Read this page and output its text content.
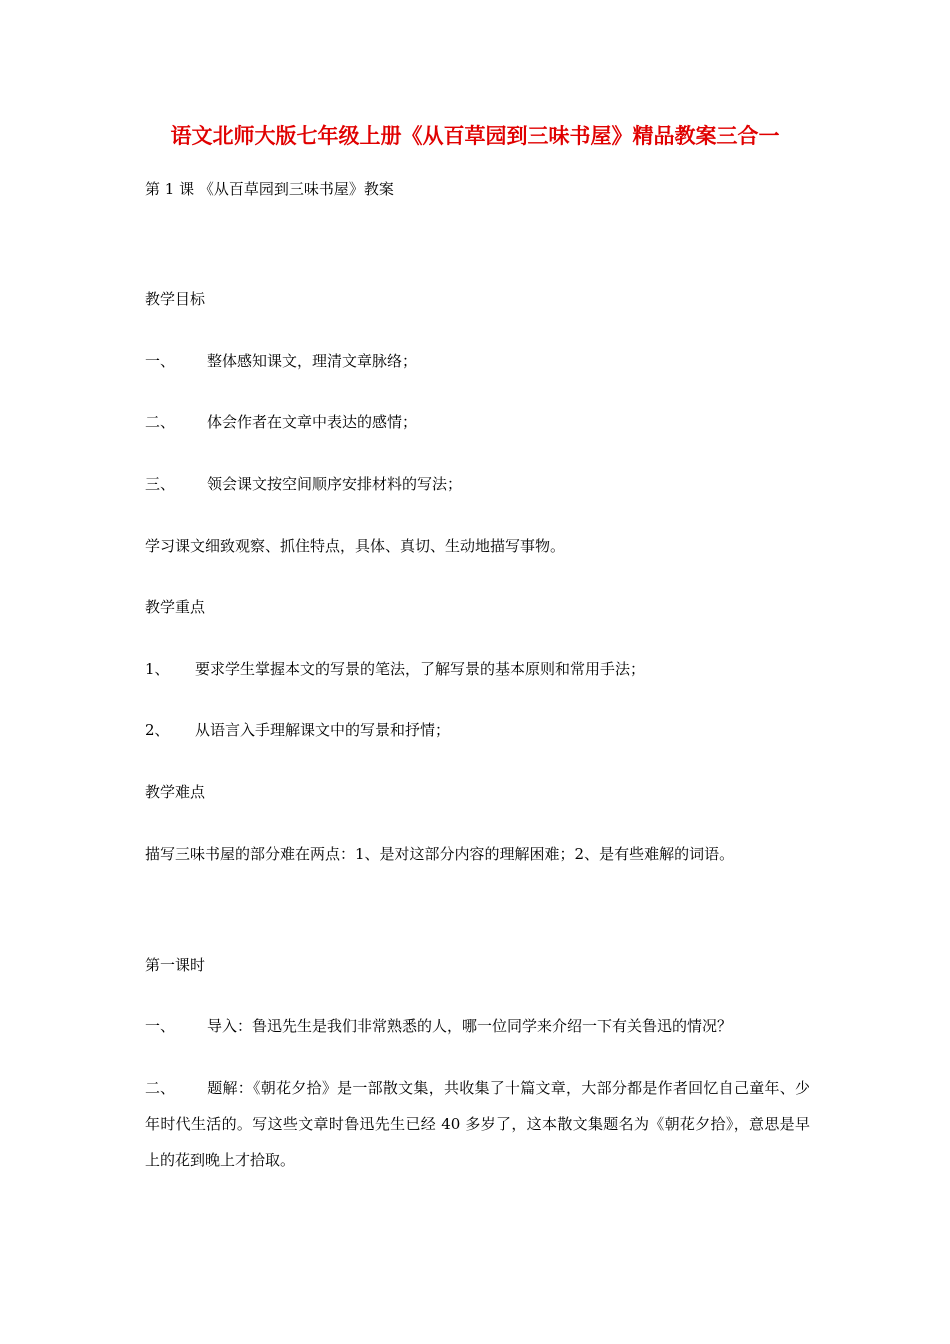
语文北师大版七年级上册《从百草园到三味书屋》精品教案三合一
第 1 课 《从百草园到三味书屋》教案
教学目标
一、 整体感知课文，理清文章脉络；
二、 体会作者在文章中表达的感情；
三、 领会课文按空间顺序安排材料的写法；
学习课文细致观察、抓住特点，具体、真切、生动地描写事物。
教学重点
1、 要求学生掌握本文的写景的笔法，了解写景的基本原则和常用手法；
2、 从语言入手理解课文中的写景和抒情；
教学难点
描写三味书屋的部分难在两点：1、是对这部分内容的理解困难；2、是有些难解的词语。
第一课时
一、 导入：鲁迅先生是我们非常熟悉的人，哪一位同学来介绍一下有关鲁迅的情况？
二、 题解：《朝花夕拾》是一部散文集，共收集了十篇文章，大部分都是作者回忆自己童年、少年时代生活的。写这些文章时鲁迅先生已经 40 多岁了，这本散文集题名为《朝花夕拾》，意思是早上的花到晚上才拾取。
